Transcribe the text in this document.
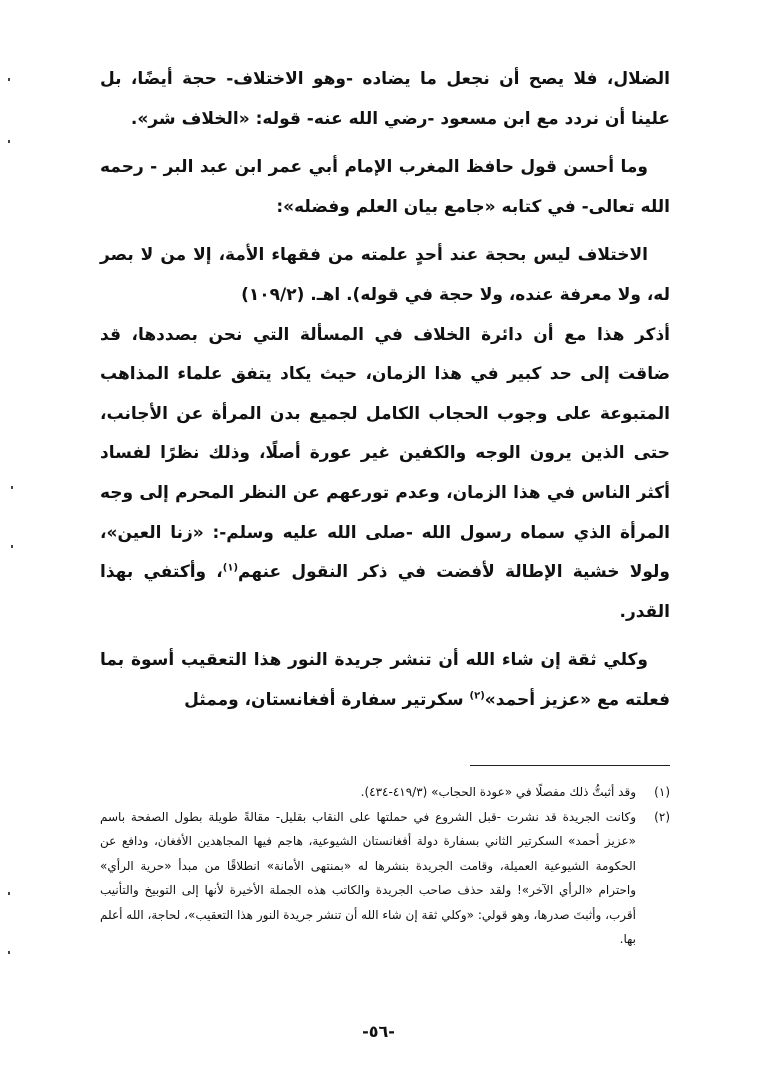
الضلال، فلا يصح أن نجعل ما يضاده -وهو الاختلاف- حجة أيضًا، بل علينا أن نردد مع ابن مسعود -رضي الله عنه- قوله: «الخلاف شر».

وما أحسن قول حافظ المغرب الإمام أبي عمر ابن عبد البر - رحمه الله تعالى- في كتابه «جامع بيان العلم وفضله»:

الاختلاف ليس بحجة عند أحدٍ علمته من فقهاء الأمة، إلا من لا بصر له، ولا معرفة عنده، ولا حجة في قوله). اهـ. (١٠٩/٢)

أذكر هذا مع أن دائرة الخلاف في المسألة التي نحن بصددها، قد ضاقت إلى حد كبير في هذا الزمان، حيث يكاد يتفق علماء المذاهب المتبوعة على وجوب الحجاب الكامل لجميع بدن المرأة عن الأجانب، حتى الذين يرون الوجه والكفين غير عورة أصلًا، وذلك نظرًا لفساد أكثر الناس في هذا الزمان، وعدم تورعهم عن النظر المحرم إلى وجه المرأة الذي سماه رسول الله -صلى الله عليه وسلم-: «زنا العين»، ولولا خشية الإطالة لأفضت في ذكر النقول عنهم$^{(١)}$، وأكتفي بهذا القدر.

وكلي ثقة إن شاء الله أن تنشر جريدة النور هذا التعقيب أسوة بما فعلته مع «عزيز أحمد»$^{(٢)}$ سكرتير سفارة أفغانستان، وممثل

(١)
وقد أثبتُّ ذلك مفصلًا في «عودة الحجاب» (٤١٩/٣-٤٣٤).
(٢)
وكانت الجريدة قد نشرت -قبل الشروع في حملتها على النقاب بقليل- مقالةً طويلة بطول الصفحة باسم «عزيز أحمد» السكرتير الثاني بسفارة دولة أفغانستان الشيوعية، هاجم فيها المجاهدين الأفغان، ودافع عن الحكومة الشيوعية العميلة، وقامت الجريدة بنشرها له «بمنتهى الأمانة» انطلاقًا من مبدأ «حرية الرأي» واحترام «الرأي الآخر»! ولقد حذف صاحب الجريدة والكاتب هذه الجملة الأخيرة لأنها إلى التوبيخ والتأنيب أقرب، وأثبتَ صدرها، وهو قولي: «وكلي ثقة إن شاء الله أن تنشر جريدة النور هذا التعقيب»، لحاجة، الله أعلم بها.
-٥٦-
